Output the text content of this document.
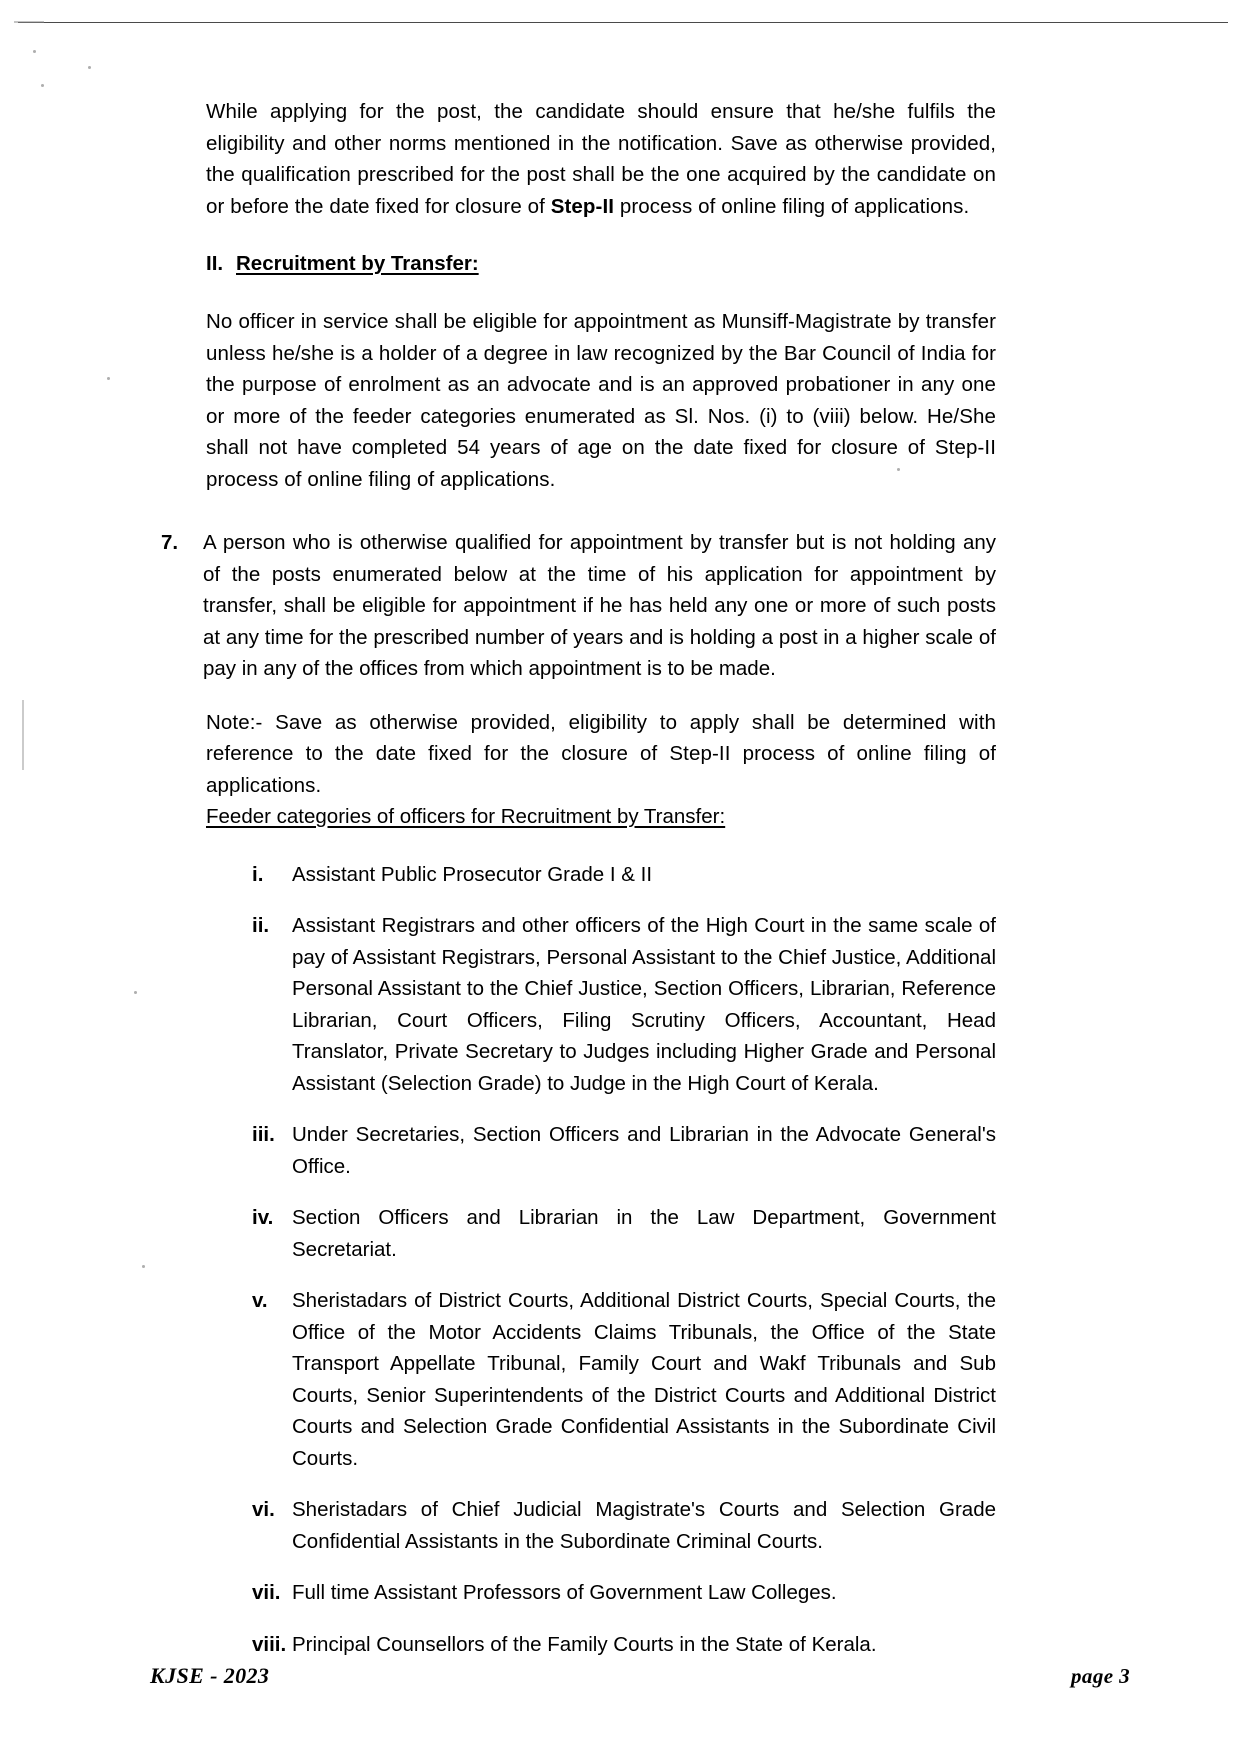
While applying for the post, the candidate should ensure that he/she fulfils the eligibility and other norms mentioned in the notification. Save as otherwise provided, the qualification prescribed for the post shall be the one acquired by the candidate on or before the date fixed for closure of Step-II process of online filing of applications.

II. Recruitment by Transfer:

No officer in service shall be eligible for appointment as Munsiff-Magistrate by transfer unless he/she is a holder of a degree in law recognized by the Bar Council of India for the purpose of enrolment as an advocate and is an approved probationer in any one or more of the feeder categories enumerated as Sl. Nos. (i) to (viii) below. He/She shall not have completed 54 years of age on the date fixed for closure of Step-II process of online filing of applications.

7.	A person who is otherwise qualified for appointment by transfer but is not holding any of the posts enumerated below at the time of his application for appointment by transfer, shall be eligible for appointment if he has held any one or more of such posts at any time for the prescribed number of years and is holding a post in a higher scale of pay in any of the offices from which appointment is to be made.

Note:- Save as otherwise provided, eligibility to apply shall be determined with reference to the date fixed for the closure of Step-II process of online filing of applications.

Feeder categories of officers for Recruitment by Transfer:
i.	Assistant Public Prosecutor Grade I & II
ii.	Assistant Registrars and other officers of the High Court in the same scale of pay of Assistant Registrars, Personal Assistant to the Chief Justice, Additional Personal Assistant to the Chief Justice, Section Officers, Librarian, Reference Librarian, Court Officers, Filing Scrutiny Officers, Accountant, Head Translator, Private Secretary to Judges including Higher Grade and Personal Assistant (Selection Grade) to Judge in the High Court of Kerala.
iii. Under Secretaries, Section Officers and Librarian in the Advocate General's Office.
iv. Section Officers and Librarian in the Law Department, Government Secretariat.
v.	Sheristadars of District Courts, Additional District Courts, Special Courts, the Office of the Motor Accidents Claims Tribunals, the Office of the State Transport Appellate Tribunal, Family Court and Wakf Tribunals and Sub Courts, Senior Superintendents of the District Courts and Additional District Courts and Selection Grade Confidential Assistants in the Subordinate Civil Courts.
vi. Sheristadars of Chief Judicial Magistrate's Courts and Selection Grade Confidential Assistants in the Subordinate Criminal Courts.
vii. Full time Assistant Professors of Government Law Colleges.
viii. Principal Counsellors of the Family Courts in the State of Kerala.
KJSE - 2023	page 3
